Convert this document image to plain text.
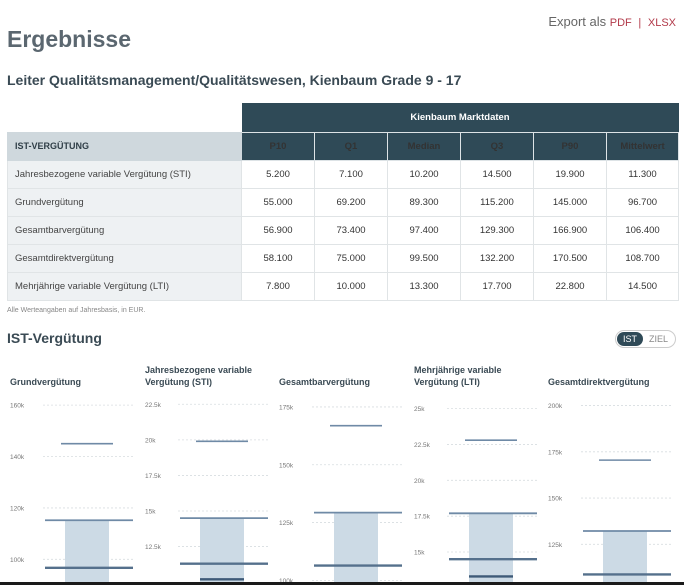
Export als PDF | XLSX
Ergebnisse
Leiter Qualitätsmanagement/Qualitätswesen, Kienbaum Grade 9 - 17
	Kienbaum Marktdaten					
IST-VERGÜTUNG	P10	Q1	Median	Q3	P90	Mittelwert
Jahresbezogene variable Vergütung (STI)	5.200	7.100	10.200	14.500	19.900	11.300
Grundvergütung	55.000	69.200	89.300	115.200	145.000	96.700
Gesamtbarvergütung	56.900	73.400	97.400	129.300	166.900	106.400
Gesamtdirektvergütung	58.100	75.000	99.500	132.200	170.500	108.700
Mehrjährige variable Vergütung (LTI)	7.800	10.000	13.300	17.700	22.800	14.500
Alle Werteangaben auf Jahresbasis, in EUR.
IST-Vergütung	IST	ZIEL
Grundvergütung
160k
140k
120k
100k
Jahresbezogene variable Vergütung (STI)
22.5k
20k
17.5k
15k
12.5k
Gesamtbarvergütung
175k
150k
125k
Mehrjährige variable Vergütung (LTI)
25k
22.5k
20k
17.5k
15k
Gesamtdirektvergütung
200k
175k
150k
125k
